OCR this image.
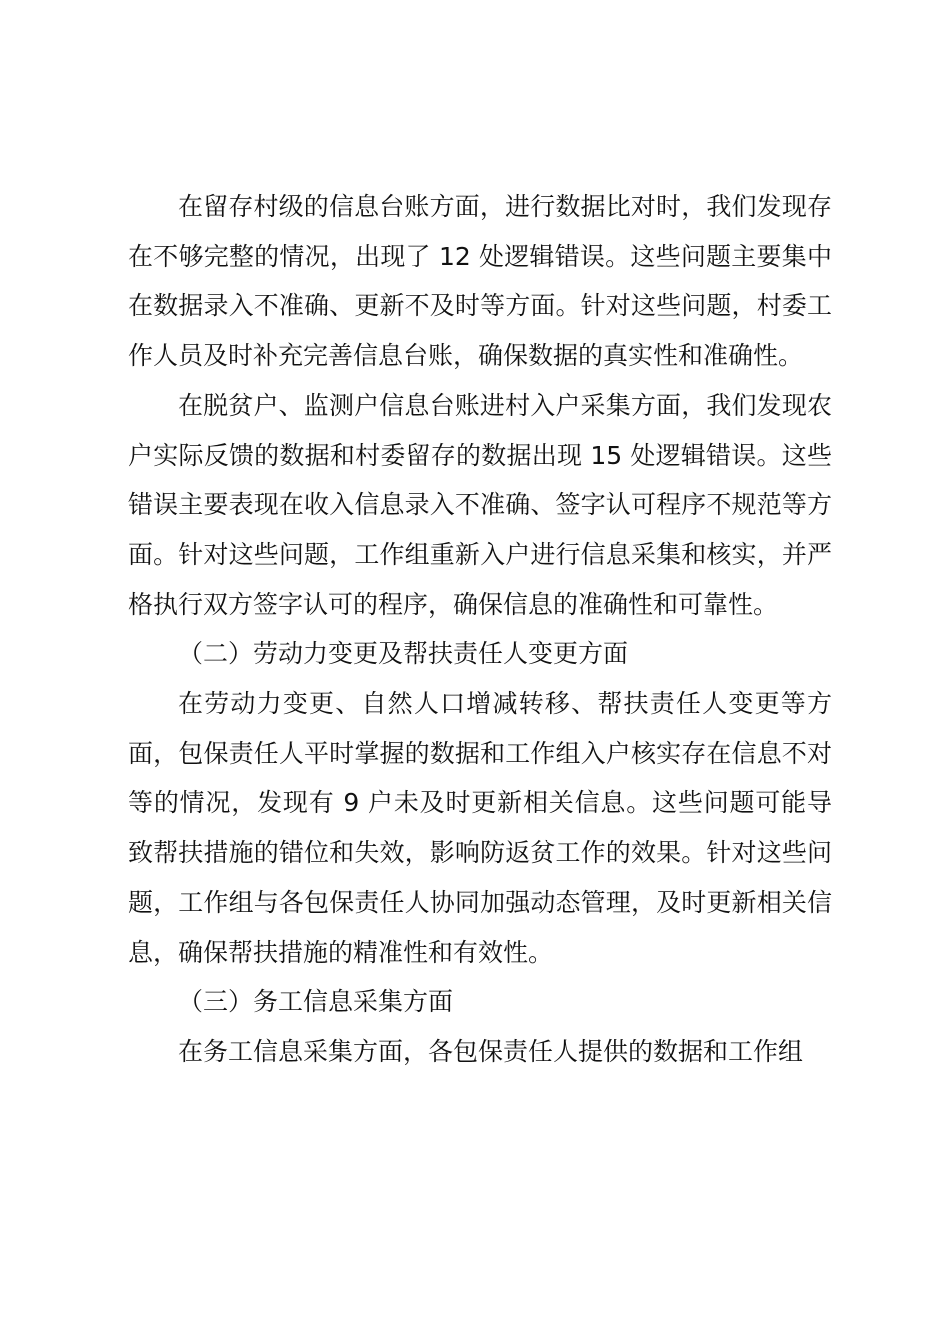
在留存村级的信息台账方面，进行数据比对时，我们发现存在不够完整的情况，出现了 12 处逻辑错误。这些问题主要集中在数据录入不准确、更新不及时等方面。针对这些问题，村委工作人员及时补充完善信息台账，确保数据的真实性和准确性。

在脱贫户、监测户信息台账进村入户采集方面，我们发现农户实际反馈的数据和村委留存的数据出现 15 处逻辑错误。这些错误主要表现在收入信息录入不准确、签字认可程序不规范等方面。针对这些问题，工作组重新入户进行信息采集和核实，并严格执行双方签字认可的程序，确保信息的准确性和可靠性。

（二）劳动力变更及帮扶责任人变更方面

在劳动力变更、自然人口增减转移、帮扶责任人变更等方面，包保责任人平时掌握的数据和工作组入户核实存在信息不对等的情况，发现有 9 户未及时更新相关信息。这些问题可能导致帮扶措施的错位和失效，影响防返贫工作的效果。针对这些问题，工作组与各包保责任人协同加强动态管理，及时更新相关信息，确保帮扶措施的精准性和有效性。

（三）务工信息采集方面

在务工信息采集方面，各包保责任人提供的数据和工作组
